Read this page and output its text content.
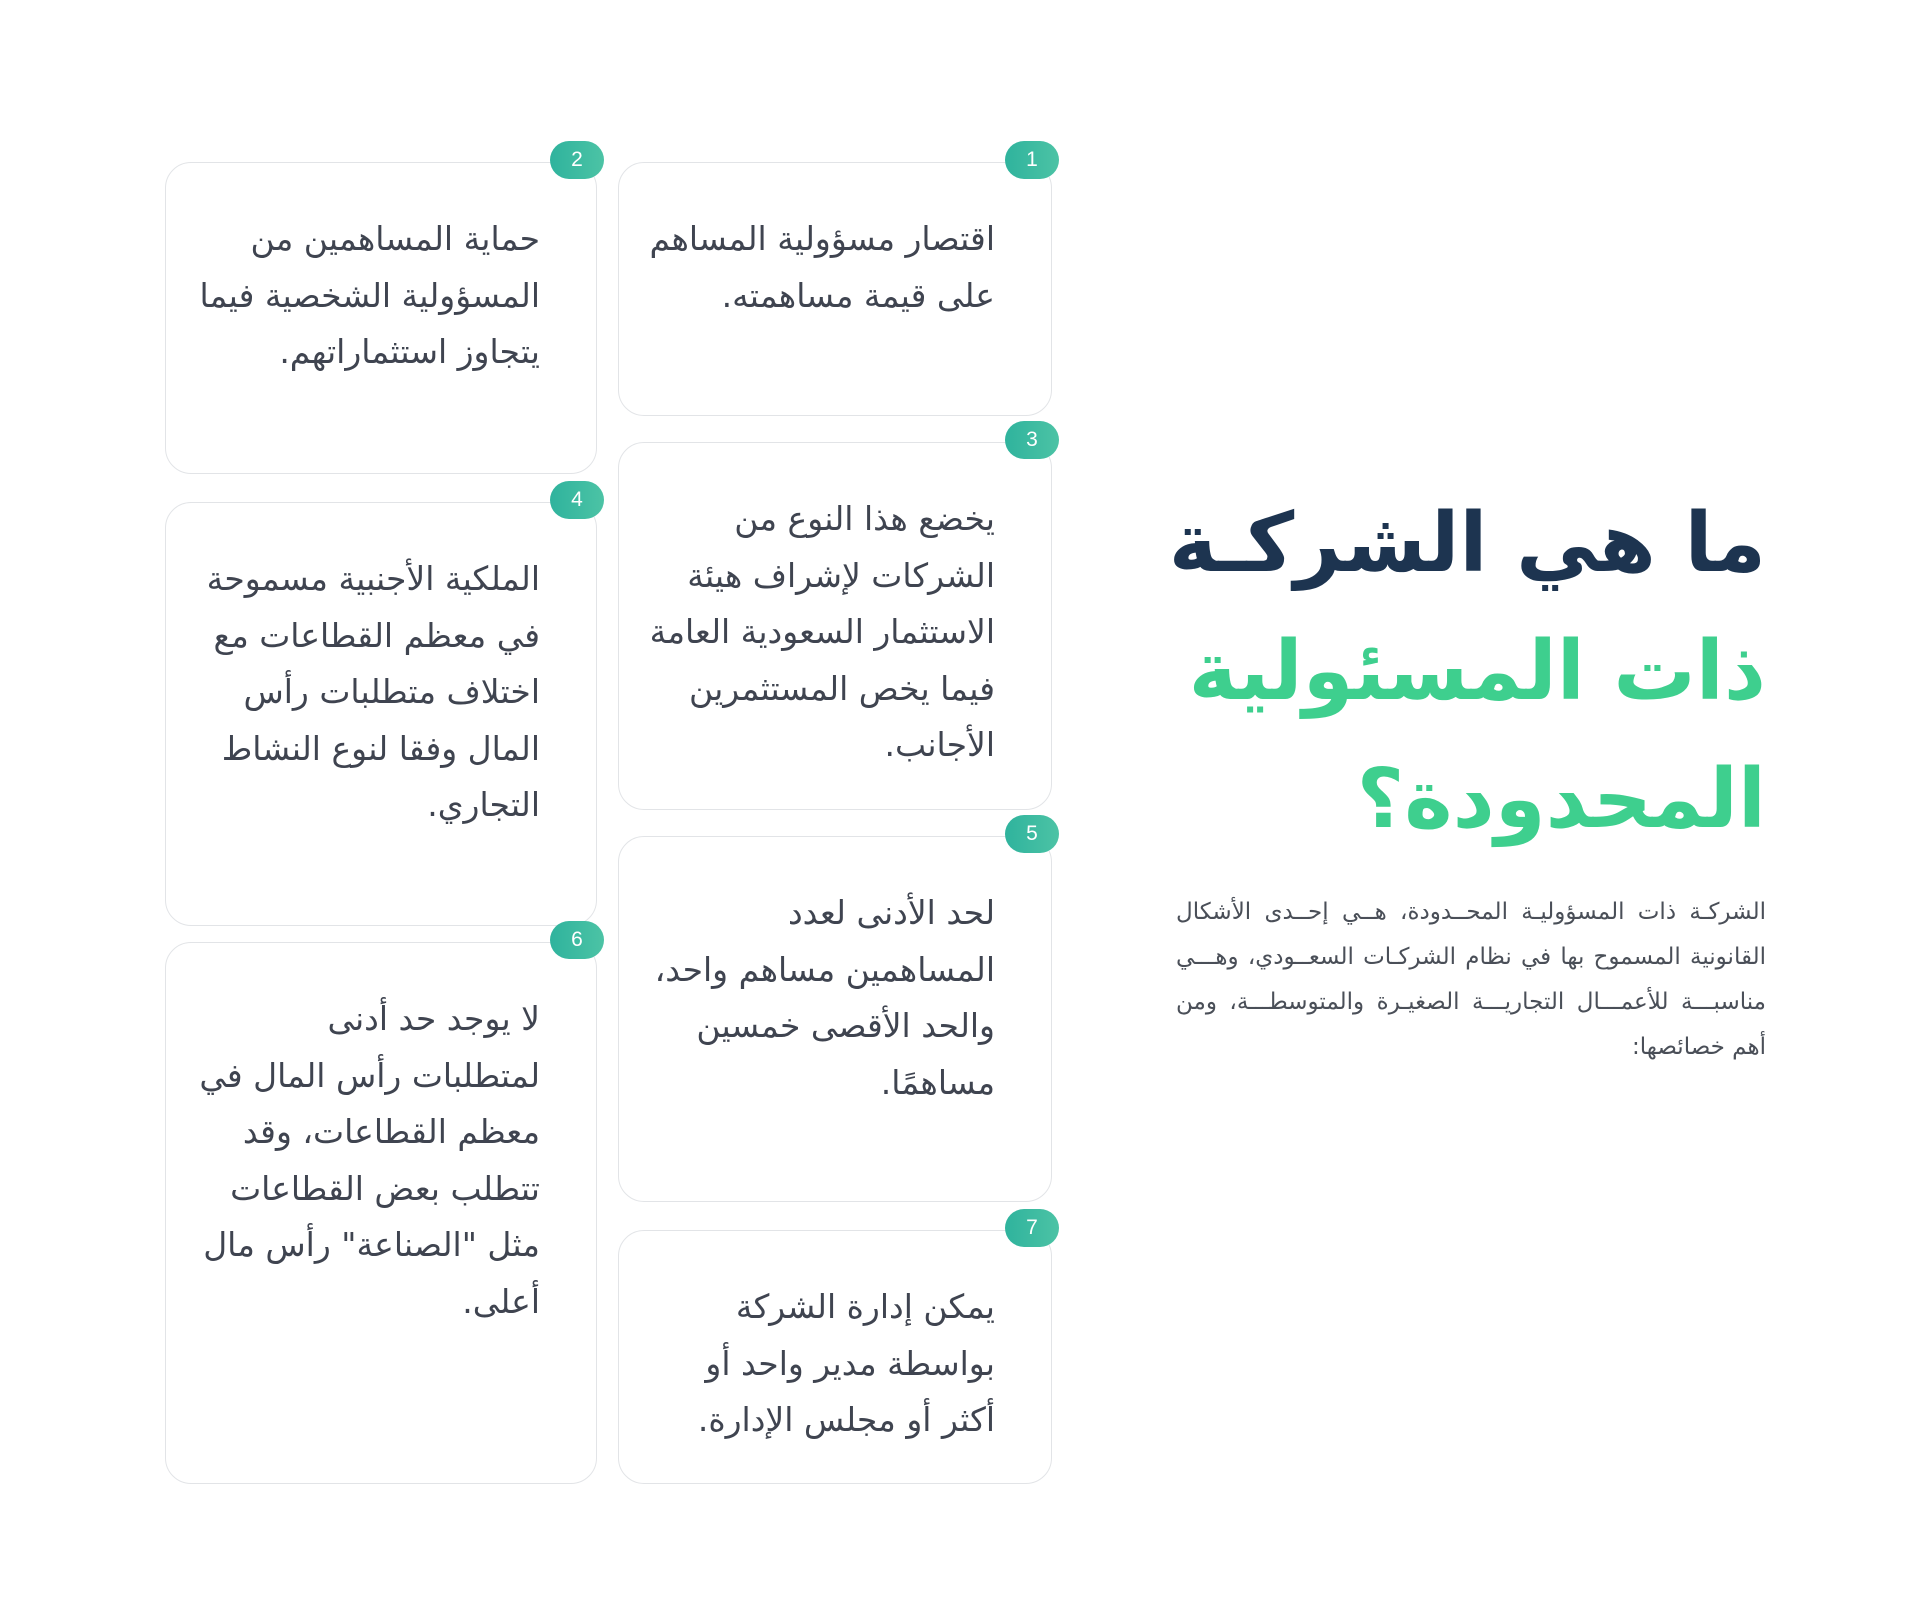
ما هي الشركـة
ذات المسئولية
المحدودة؟

الشركـة ذات المسؤوليـة المحــدودة، هــي إحــدى الأشكال القانونية المسموح بها في نظام الشركـات السعــودي، وهـــي مناسبـــة للأعمـــال التجاريـــة الصغيـرة والمتوسطـــة، ومن أهم خصائصها:

1

اقتصار مسؤولية المساهم على قيمة مساهمته.

3

يخضع هذا النوع من الشركات لإشراف هيئة الاستثمار السعودية العامة فيما يخص المستثمرين الأجانب.

5

لحد الأدنى لعدد المساهمين مساهم واحد، والحد الأقصى خمسين مساهمًا.

7

يمكن إدارة الشركة بواسطة مدير واحد أو أكثر أو مجلس الإدارة.

2

حماية المساهمين من المسؤولية الشخصية فيما يتجاوز استثماراتهم.

4

الملكية الأجنبية مسموحة في معظم القطاعات مع اختلاف متطلبات رأس المال وفقا لنوع النشاط التجاري.

6

لا يوجد حد أدنى لمتطلبات رأس المال في معظم القطاعات، وقد تتطلب بعض القطاعات مثل "الصناعة" رأس مال أعلى.
